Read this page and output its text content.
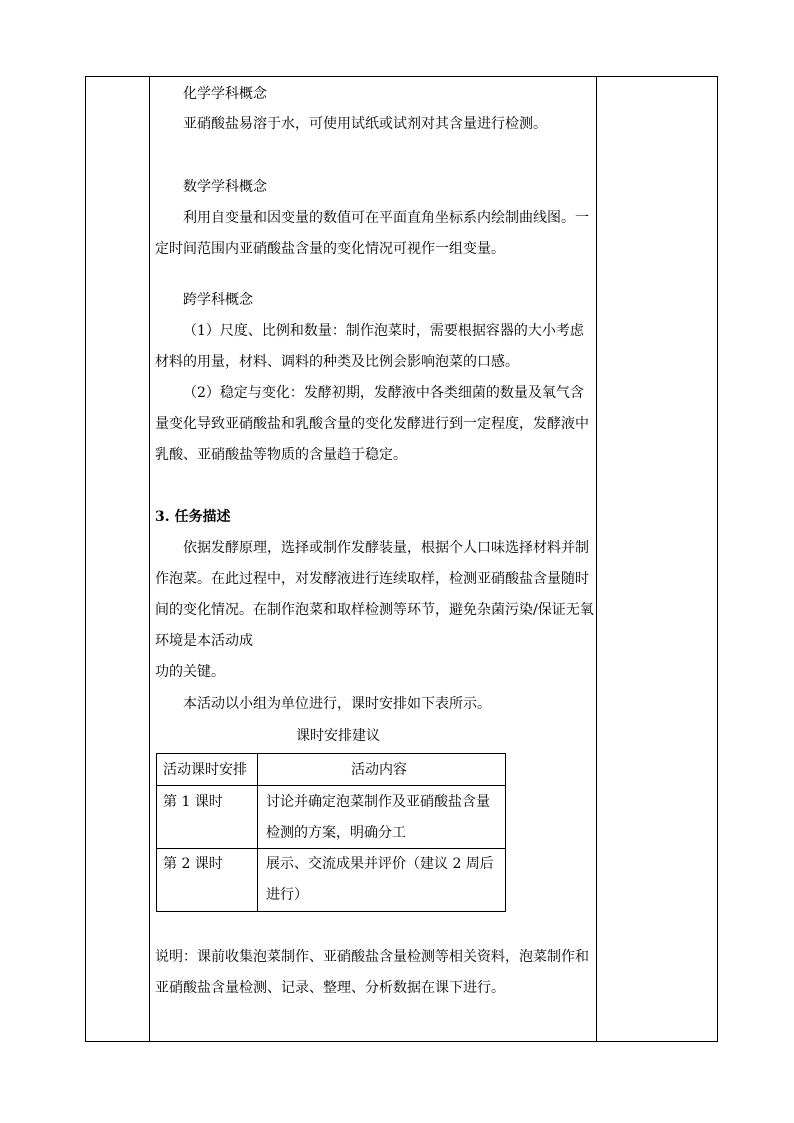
化学学科概念
亚硝酸盐易溶于水，可使用试纸或试剂对其含量进行检测。
数学学科概念
利用自变量和因变量的数值可在平面直角坐标系内绘制曲线图。一
定时间范围内亚硝酸盐含量的变化情况可视作一组变量。
跨学科概念
（1）尺度、比例和数量：制作泡菜时，需要根据容器的大小考虑
材料的用量，材料、调料的种类及比例会影响泡菜的口感。
（2）稳定与变化：发酵初期，发酵液中各类细菌的数量及氧气含
量变化导致亚硝酸盐和乳酸含量的变化发酵进行到一定程度，发酵液中
乳酸、亚硝酸盐等物质的含量趋于稳定。
3. 任务描述
依据发酵原理，选择或制作发酵装量，根据个人口味选择材料并制
作泡菜。在此过程中，对发酵液进行连续取样，检测亚硝酸盐含量随时
间的变化情况。在制作泡菜和取样检测等环节，避免杂菌污染/保证无氧
环境是本活动成
功的关键。
本活动以小组为单位进行，课时安排如下表所示。
课时安排建议
活动课时安排	活动内容
第 1 课时	讨论并确定泡菜制作及亚硝酸盐含量
检测的方案，明确分工
第 2 课时	展示、交流成果并评价（建议 2 周后
进行）
说明：课前收集泡菜制作、亚硝酸盐含量检测等相关资料，泡菜制作和
亚硝酸盐含量检测、记录、整理、分析数据在课下进行。
